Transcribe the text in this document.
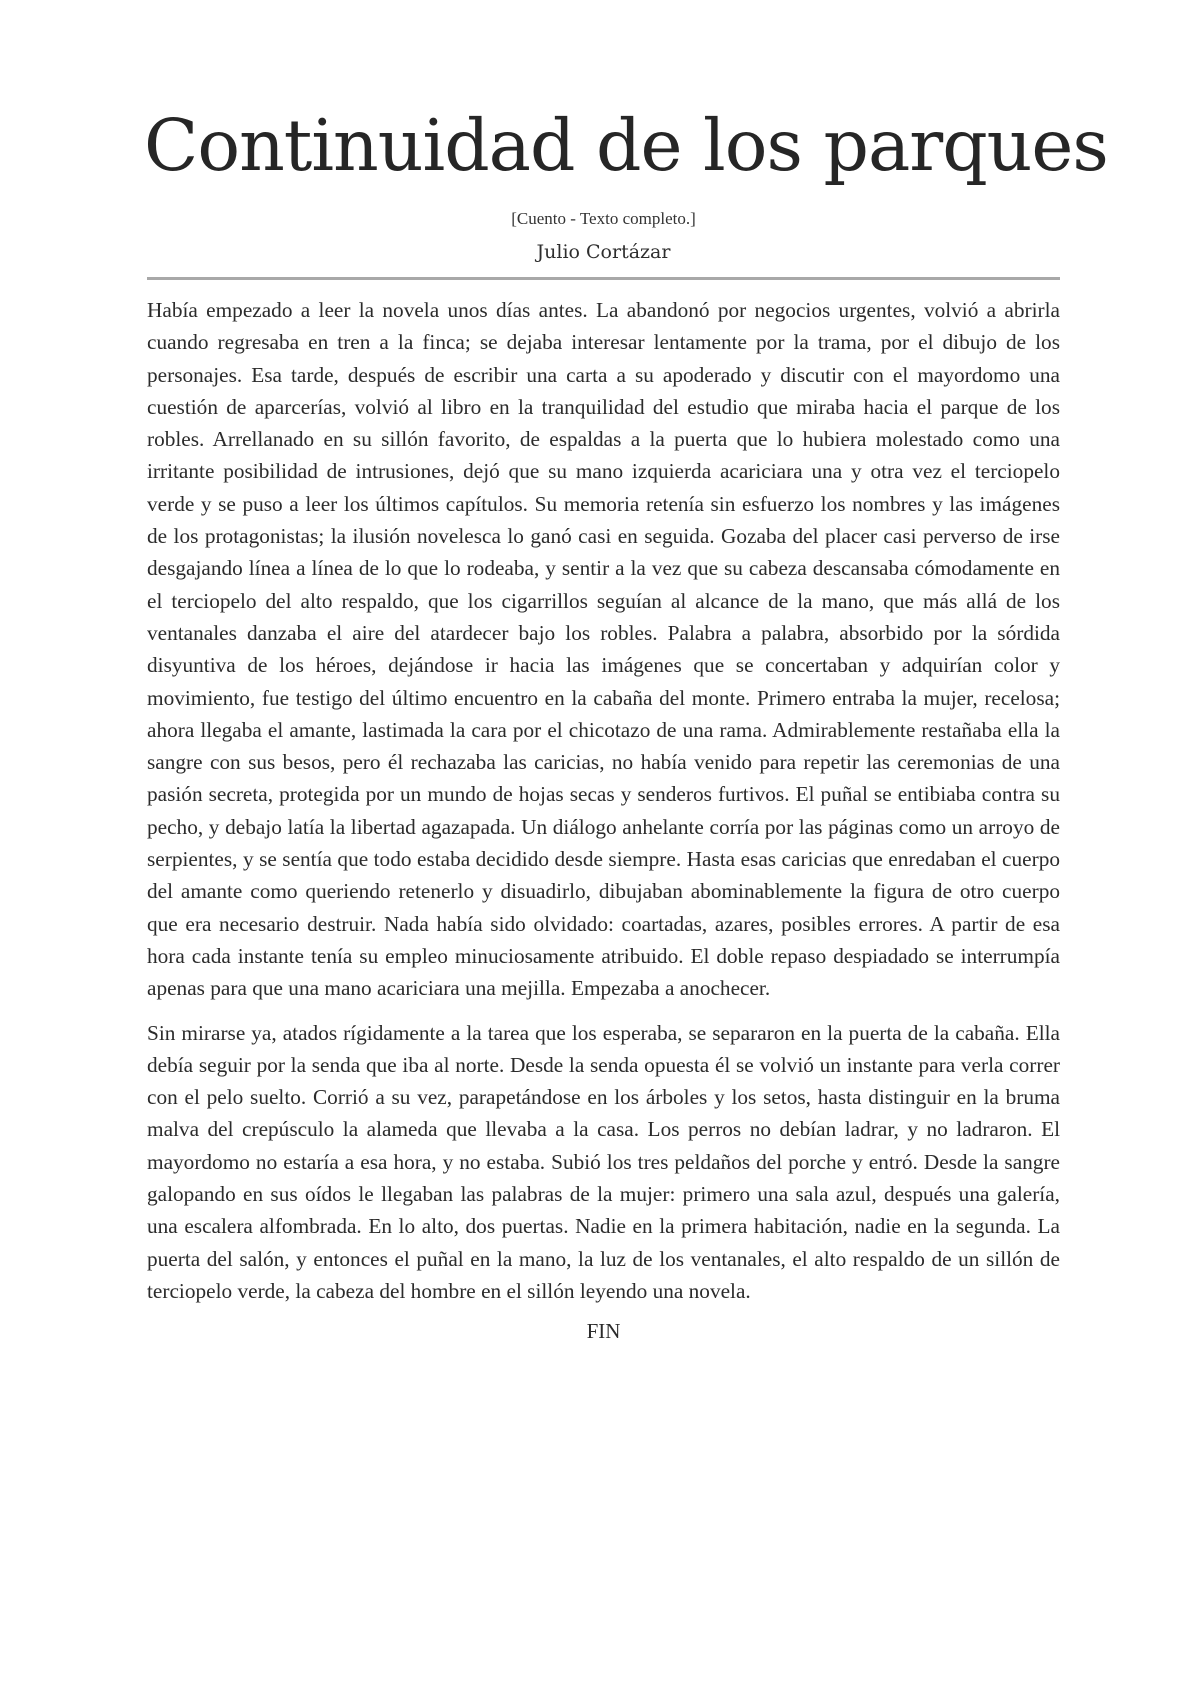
Continuidad de los parques
[Cuento - Texto completo.]
Julio Cortázar

Había empezado a leer la novela unos días antes. La abandonó por negocios urgentes, volvió a abrirla cuando regresaba en tren a la finca; se dejaba interesar lentamente por la trama, por el dibujo de los personajes. Esa tarde, después de escribir una carta a su apoderado y discutir con el mayordomo una cuestión de aparcerías, volvió al libro en la tranquilidad del estudio que miraba hacia el parque de los robles. Arrellanado en su sillón favorito, de espaldas a la puerta que lo hubiera molestado como una irritante posibilidad de intrusiones, dejó que su mano izquierda acariciara una y otra vez el terciopelo verde y se puso a leer los últimos capítulos. Su memoria retenía sin esfuerzo los nombres y las imágenes de los protagonistas; la ilusión novelesca lo ganó casi en seguida. Gozaba del placer casi perverso de irse desgajando línea a línea de lo que lo rodeaba, y sentir a la vez que su cabeza descansaba cómodamente en el terciopelo del alto respaldo, que los cigarrillos seguían al alcance de la mano, que más allá de los ventanales danzaba el aire del atardecer bajo los robles. Palabra a palabra, absorbido por la sórdida disyuntiva de los héroes, dejándose ir hacia las imágenes que se concertaban y adquirían color y movimiento, fue testigo del último encuentro en la cabaña del monte. Primero entraba la mujer, recelosa; ahora llegaba el amante, lastimada la cara por el chicotazo de una rama. Admirablemente restañaba ella la sangre con sus besos, pero él rechazaba las caricias, no había venido para repetir las ceremonias de una pasión secreta, protegida por un mundo de hojas secas y senderos furtivos. El puñal se entibiaba contra su pecho, y debajo latía la libertad agazapada. Un diálogo anhelante corría por las páginas como un arroyo de serpientes, y se sentía que todo estaba decidido desde siempre. Hasta esas caricias que enredaban el cuerpo del amante como queriendo retenerlo y disuadirlo, dibujaban abominablemente la figura de otro cuerpo que era necesario destruir. Nada había sido olvidado: coartadas, azares, posibles errores. A partir de esa hora cada instante tenía su empleo minuciosamente atribuido. El doble repaso despiadado se interrumpía apenas para que una mano acariciara una mejilla. Empezaba a anochecer.

Sin mirarse ya, atados rígidamente a la tarea que los esperaba, se separaron en la puerta de la cabaña. Ella debía seguir por la senda que iba al norte. Desde la senda opuesta él se volvió un instante para verla correr con el pelo suelto. Corrió a su vez, parapetándose en los árboles y los setos, hasta distinguir en la bruma malva del crepúsculo la alameda que llevaba a la casa. Los perros no debían ladrar, y no ladraron. El mayordomo no estaría a esa hora, y no estaba. Subió los tres peldaños del porche y entró. Desde la sangre galopando en sus oídos le llegaban las palabras de la mujer: primero una sala azul, después una galería, una escalera alfombrada. En lo alto, dos puertas. Nadie en la primera habitación, nadie en la segunda. La puerta del salón, y entonces el puñal en la mano, la luz de los ventanales, el alto respaldo de un sillón de terciopelo verde, la cabeza del hombre en el sillón leyendo una novela.

FIN
